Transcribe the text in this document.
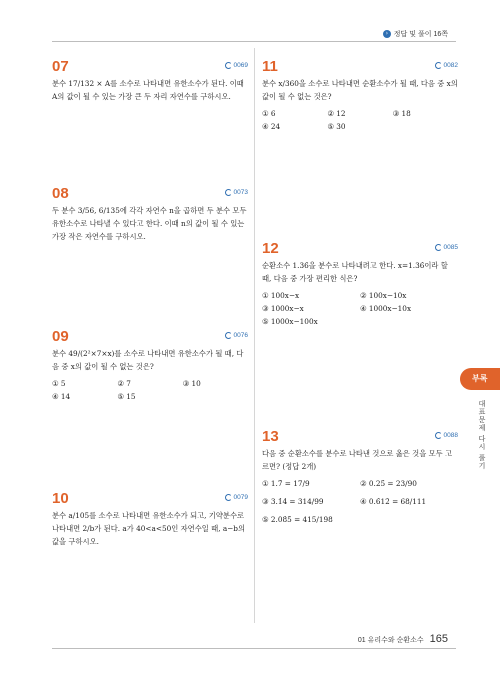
› 정답 및 풀이 16쪽
07	0069
분수 17/132 × A를 소수로 나타내면 유한소수가 된다. 이때 A의 값이 될 수 있는 가장 큰 두 자리 자연수를 구하시오.
08	0073
두 분수 3/56, 6/135에 각각 자연수 n을 곱하면 두 분수 모두 유한소수로 나타낼 수 있다고 한다. 이때 n의 값이 될 수 있는 가장 작은 자연수를 구하시오.
09	0076
분수 49/(2²×7×x)를 소수로 나타내면 유한소수가 될 때, 다음 중 x의 값이 될 수 없는 것은?
① 5	② 7	③ 10
④ 14	⑤ 15
10	0079
분수 a/105를 소수로 나타내면 유한소수가 되고, 기약분수로 나타내면 2/b가 된다. a가 40<a<50인 자연수일 때, a−b의 값을 구하시오.
11	0082
분수 x/360을 소수로 나타내면 순환소수가 될 때, 다음 중 x의 값이 될 수 없는 것은?
① 6	② 12	③ 18
④ 24	⑤ 30
12	0085
순환소수 1.36̇을 분수로 나타내려고 한다. x=1.36̇이라 할 때, 다음 중 가장 편리한 식은?
① 100x−x	② 100x−10x
③ 1000x−x	④ 1000x−10x
⑤ 1000x−100x
13	0088
다음 중 순환소수를 분수로 나타낸 것으로 옳은 것을 모두 고르면? (정답 2개)
① 1.7̇ = 17/9	② 0.25̇ = 23/90
③ 3.1̇4̇ = 314/99	④ 0.6̇12̇ = 68/111
⑤ 2.08̇5̇ = 415/198
부록
대표문제 다시 풀기
01 유리수와 순환소수 165
